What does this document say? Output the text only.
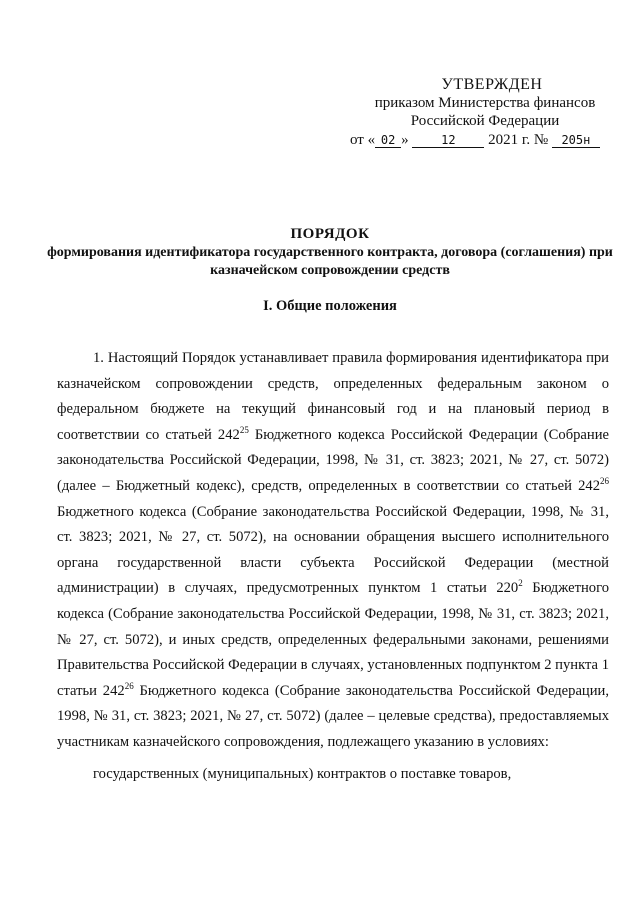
УТВЕРЖДЕН
приказом Министерства финансов
Российской Федерации
от « 02 » 12 2021 г. № 205н
ПОРЯДОК
формирования идентификатора государственного контракта, договора (соглашения) при казначейском сопровождении средств
I. Общие положения

1. Настоящий Порядок устанавливает правила формирования идентификатора при казначейском сопровождении средств, определенных федеральным законом о федеральном бюджете на текущий финансовый год и на плановый период в соответствии со статьей $242^{25}$ Бюджетного кодекса Российской Федерации (Собрание законодательства Российской Федерации, 1998, № 31, ст. 3823; 2021, № 27, ст. 5072) (далее – Бюджетный кодекс), средств, определенных в соответствии со статьей $242^{26}$ Бюджетного кодекса (Собрание законодательства Российской Федерации, 1998, № 31, ст. 3823; 2021, № 27, ст. 5072), на основании обращения высшего исполнительного органа государственной власти субъекта Российской Федерации (местной администрации) в случаях, предусмотренных пунктом 1 статьи $220^2$ Бюджетного кодекса (Собрание законодательства Российской Федерации, 1998, № 31, ст. 3823; 2021, № 27, ст. 5072), и иных средств, определенных федеральными законами, решениями Правительства Российской Федерации в случаях, установленных подпунктом 2 пункта 1 статьи $242^{26}$ Бюджетного кодекса (Собрание законодательства Российской Федерации, 1998, № 31, ст. 3823; 2021, № 27, ст. 5072) (далее – целевые средства), предоставляемых участникам казначейского сопровождения, подлежащего указанию в условиях:

государственных (муниципальных) контрактов о поставке товаров,
